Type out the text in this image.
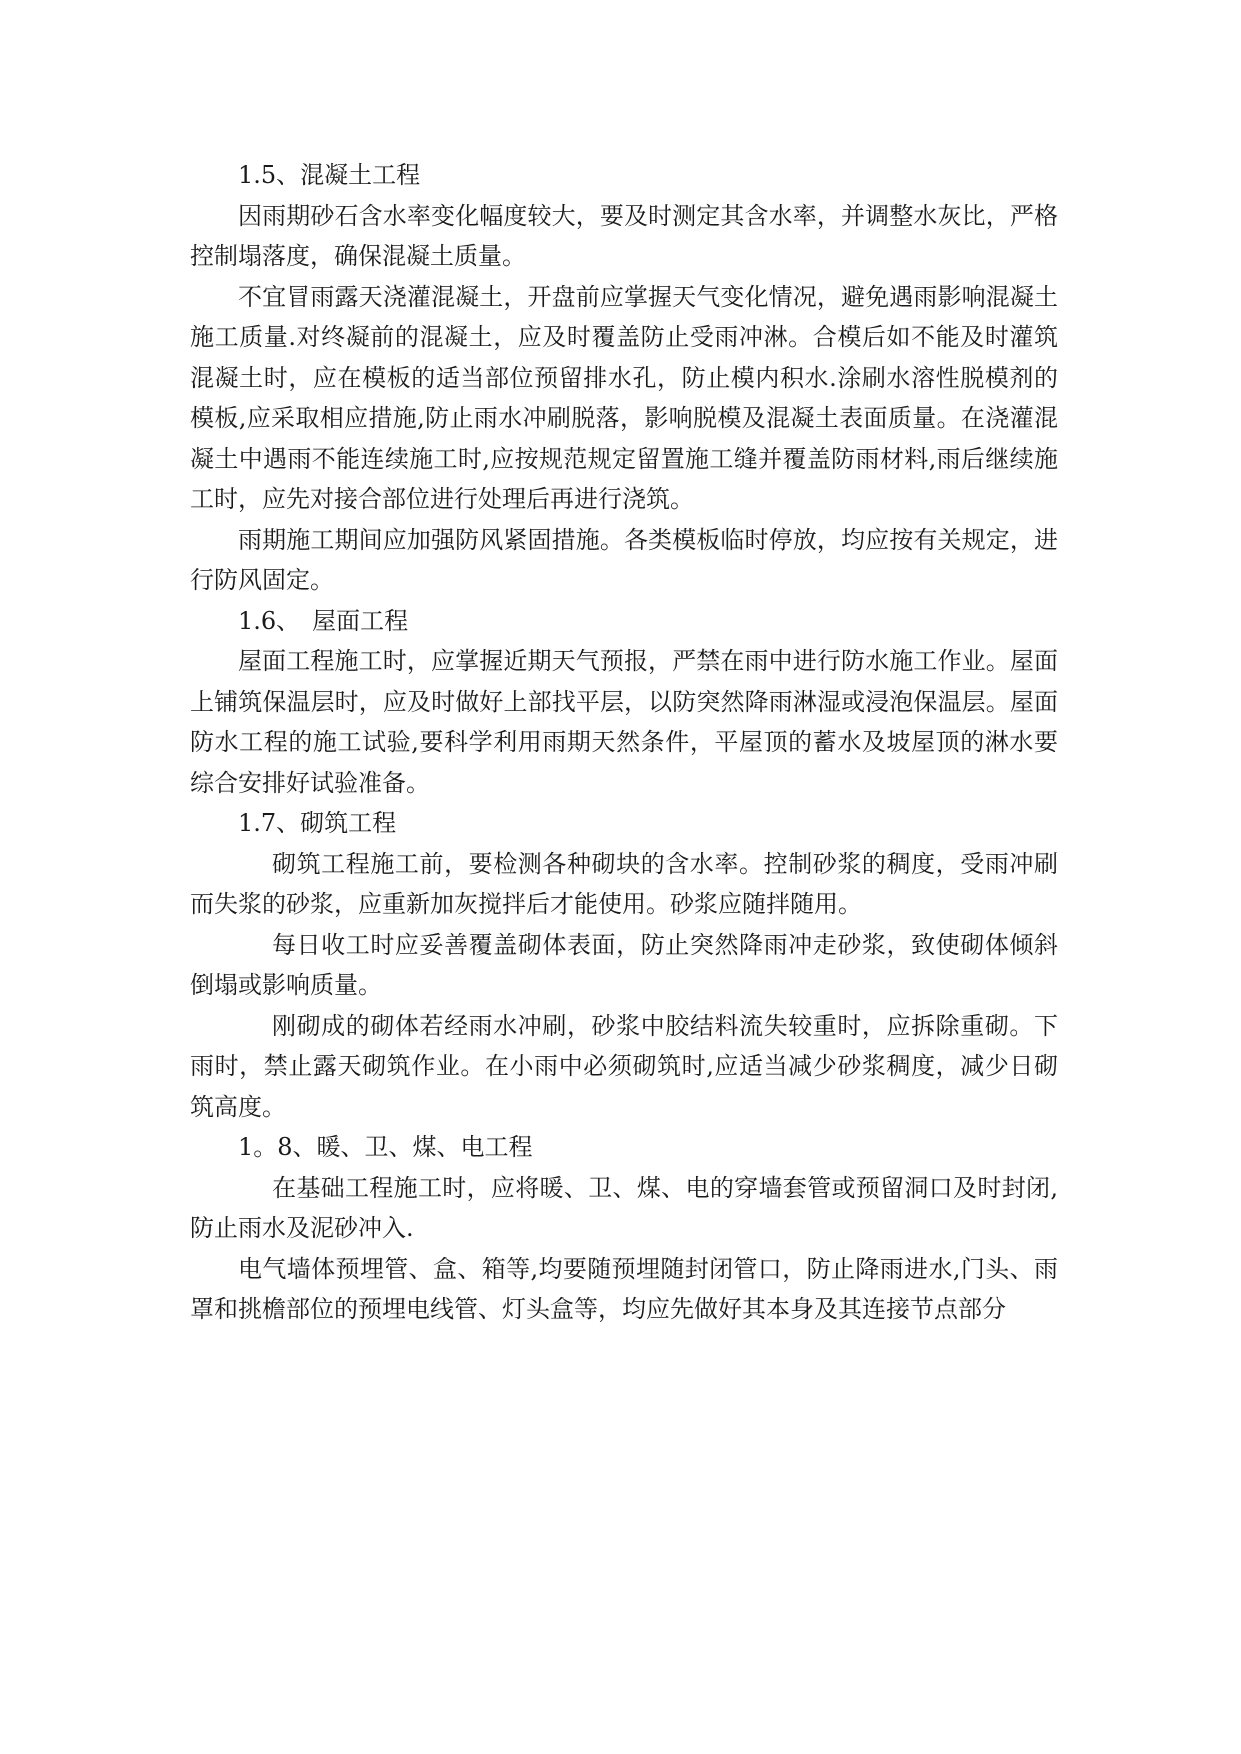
1.5、混凝土工程

因雨期砂石含水率变化幅度较大，要及时测定其含水率，并调整水灰比，严格控制塌落度，确保混凝土质量。

不宜冒雨露天浇灌混凝土，开盘前应掌握天气变化情况，避免遇雨影响混凝土施工质量.对终凝前的混凝土，应及时覆盖防止受雨冲淋。合模后如不能及时灌筑混凝土时，应在模板的适当部位预留排水孔，防止模内积水.涂刷水溶性脱模剂的模板,应采取相应措施,防止雨水冲刷脱落，影响脱模及混凝土表面质量。在浇灌混凝土中遇雨不能连续施工时,应按规范规定留置施工缝并覆盖防雨材料,雨后继续施工时，应先对接合部位进行处理后再进行浇筑。

雨期施工期间应加强防风紧固措施。各类模板临时停放，均应按有关规定，进行防风固定。

1.6、　屋面工程

屋面工程施工时，应掌握近期天气预报，严禁在雨中进行防水施工作业。屋面上铺筑保温层时，应及时做好上部找平层，以防突然降雨淋湿或浸泡保温层。屋面防水工程的施工试验,要科学利用雨期天然条件，平屋顶的蓄水及坡屋顶的淋水要综合安排好试验准备。

1.7、砌筑工程

砌筑工程施工前，要检测各种砌块的含水率。控制砂浆的稠度，受雨冲刷而失浆的砂浆，应重新加灰搅拌后才能使用。砂浆应随拌随用。

每日收工时应妥善覆盖砌体表面，防止突然降雨冲走砂浆，致使砌体倾斜倒塌或影响质量。

刚砌成的砌体若经雨水冲刷，砂浆中胶结料流失较重时，应拆除重砌。下雨时，禁止露天砌筑作业。在小雨中必须砌筑时,应适当减少砂浆稠度，减少日砌筑高度。

1。8、暖、卫、煤、电工程

在基础工程施工时，应将暖、卫、煤、电的穿墙套管或预留洞口及时封闭,防止雨水及泥砂冲入.

电气墙体预埋管、盒、箱等,均要随预埋随封闭管口，防止降雨进水,门头、雨罩和挑檐部位的预埋电线管、灯头盒等，均应先做好其本身及其连接节点部分
